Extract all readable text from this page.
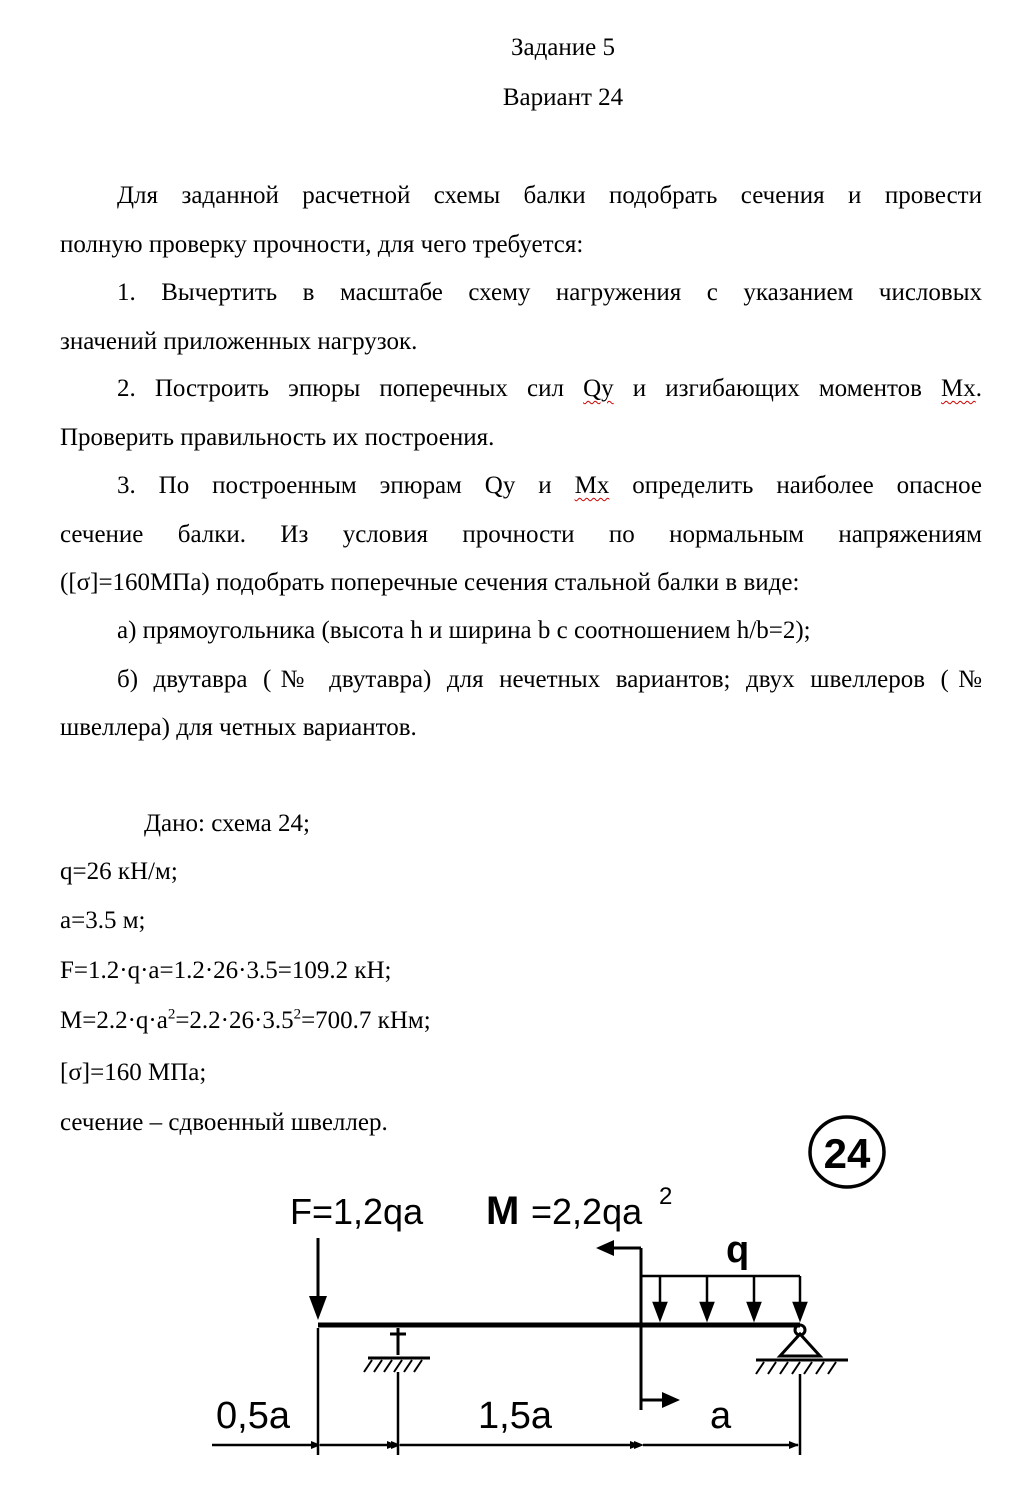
Задание 5
Вариант 24
Для заданной расчетной схемы балки подобрать сечения и провести
полную проверку прочности, для чего требуется:
1. Вычертить в масштабе схему нагружения с указанием числовых
значений приложенных нагрузок.
2. Построить эпюры поперечных сил Qy и изгибающих моментов Mx.
Проверить правильность их построения.
3. По построенным эпюрам Qy и Mx определить наиболее опасное
сечение балки. Из условия прочности по нормальным напряжениям
([σ]=160МПа) подобрать поперечные сечения стальной балки в виде:
а) прямоугольника (высота h и ширина b с соотношением h/b=2);
б) двутавра (№ двутавра) для нечетных вариантов; двух швеллеров (№
швеллера) для четных вариантов.
Дано: схема 24;
q=26 кН/м;
a=3.5 м;
F=1.2·q·a=1.2·26·3.5=109.2 кН;
$M=2.2\cdot q\cdot a^2=2.2\cdot 26\cdot 3.5^2=700.7$ кНм;
[σ]=160 МПа;
сечение – сдвоенный швеллер.
24
F=1,2qa M =2,2qa 2
q
0,5a	1,5a	a
